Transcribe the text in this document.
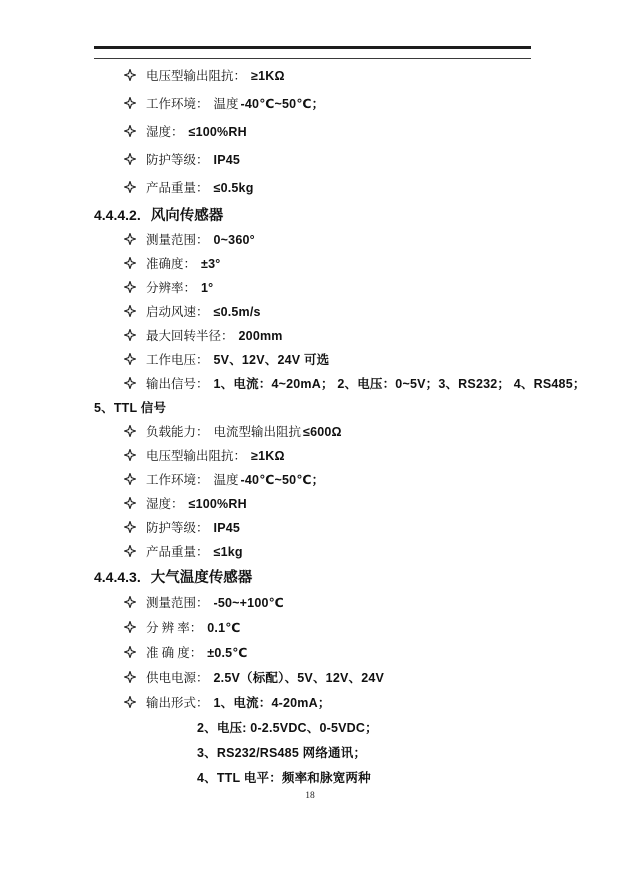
电压型输出阻抗： ≥1KΩ
工作环境： 温度 -40℃~50℃；
湿度： ≤100%RH
防护等级： IP45
产品重量： ≤0.5kg
4.4.4.2. 风向传感器
测量范围： 0~360°
准确度： ±3°
分辨率： 1°
启动风速： ≤0.5m/s
最大回转半径： 200mm
工作电压： 5V、12V、24V 可选
输出信号： 1、电流：4~20mA； 2、电压：0~5V；3、RS232； 4、RS485；
5、TTL 信号
负载能力： 电流型输出阻抗 ≤600Ω
电压型输出阻抗： ≥1KΩ
工作环境： 温度 -40℃~50℃；
湿度： ≤100%RH
防护等级： IP45
产品重量： ≤1kg
4.4.4.3. 大气温度传感器
测量范围： -50~+100℃
分 辨 率： 0.1℃
准 确 度： ±0.5℃
供电电源： 2.5V（标配）、5V、12V、24V
输出形式： 1、电流：4-20mA；
2、电压: 0-2.5VDC、0-5VDC；
3、RS232/RS485 网络通讯；
4、TTL 电平：频率和脉宽两种
18
